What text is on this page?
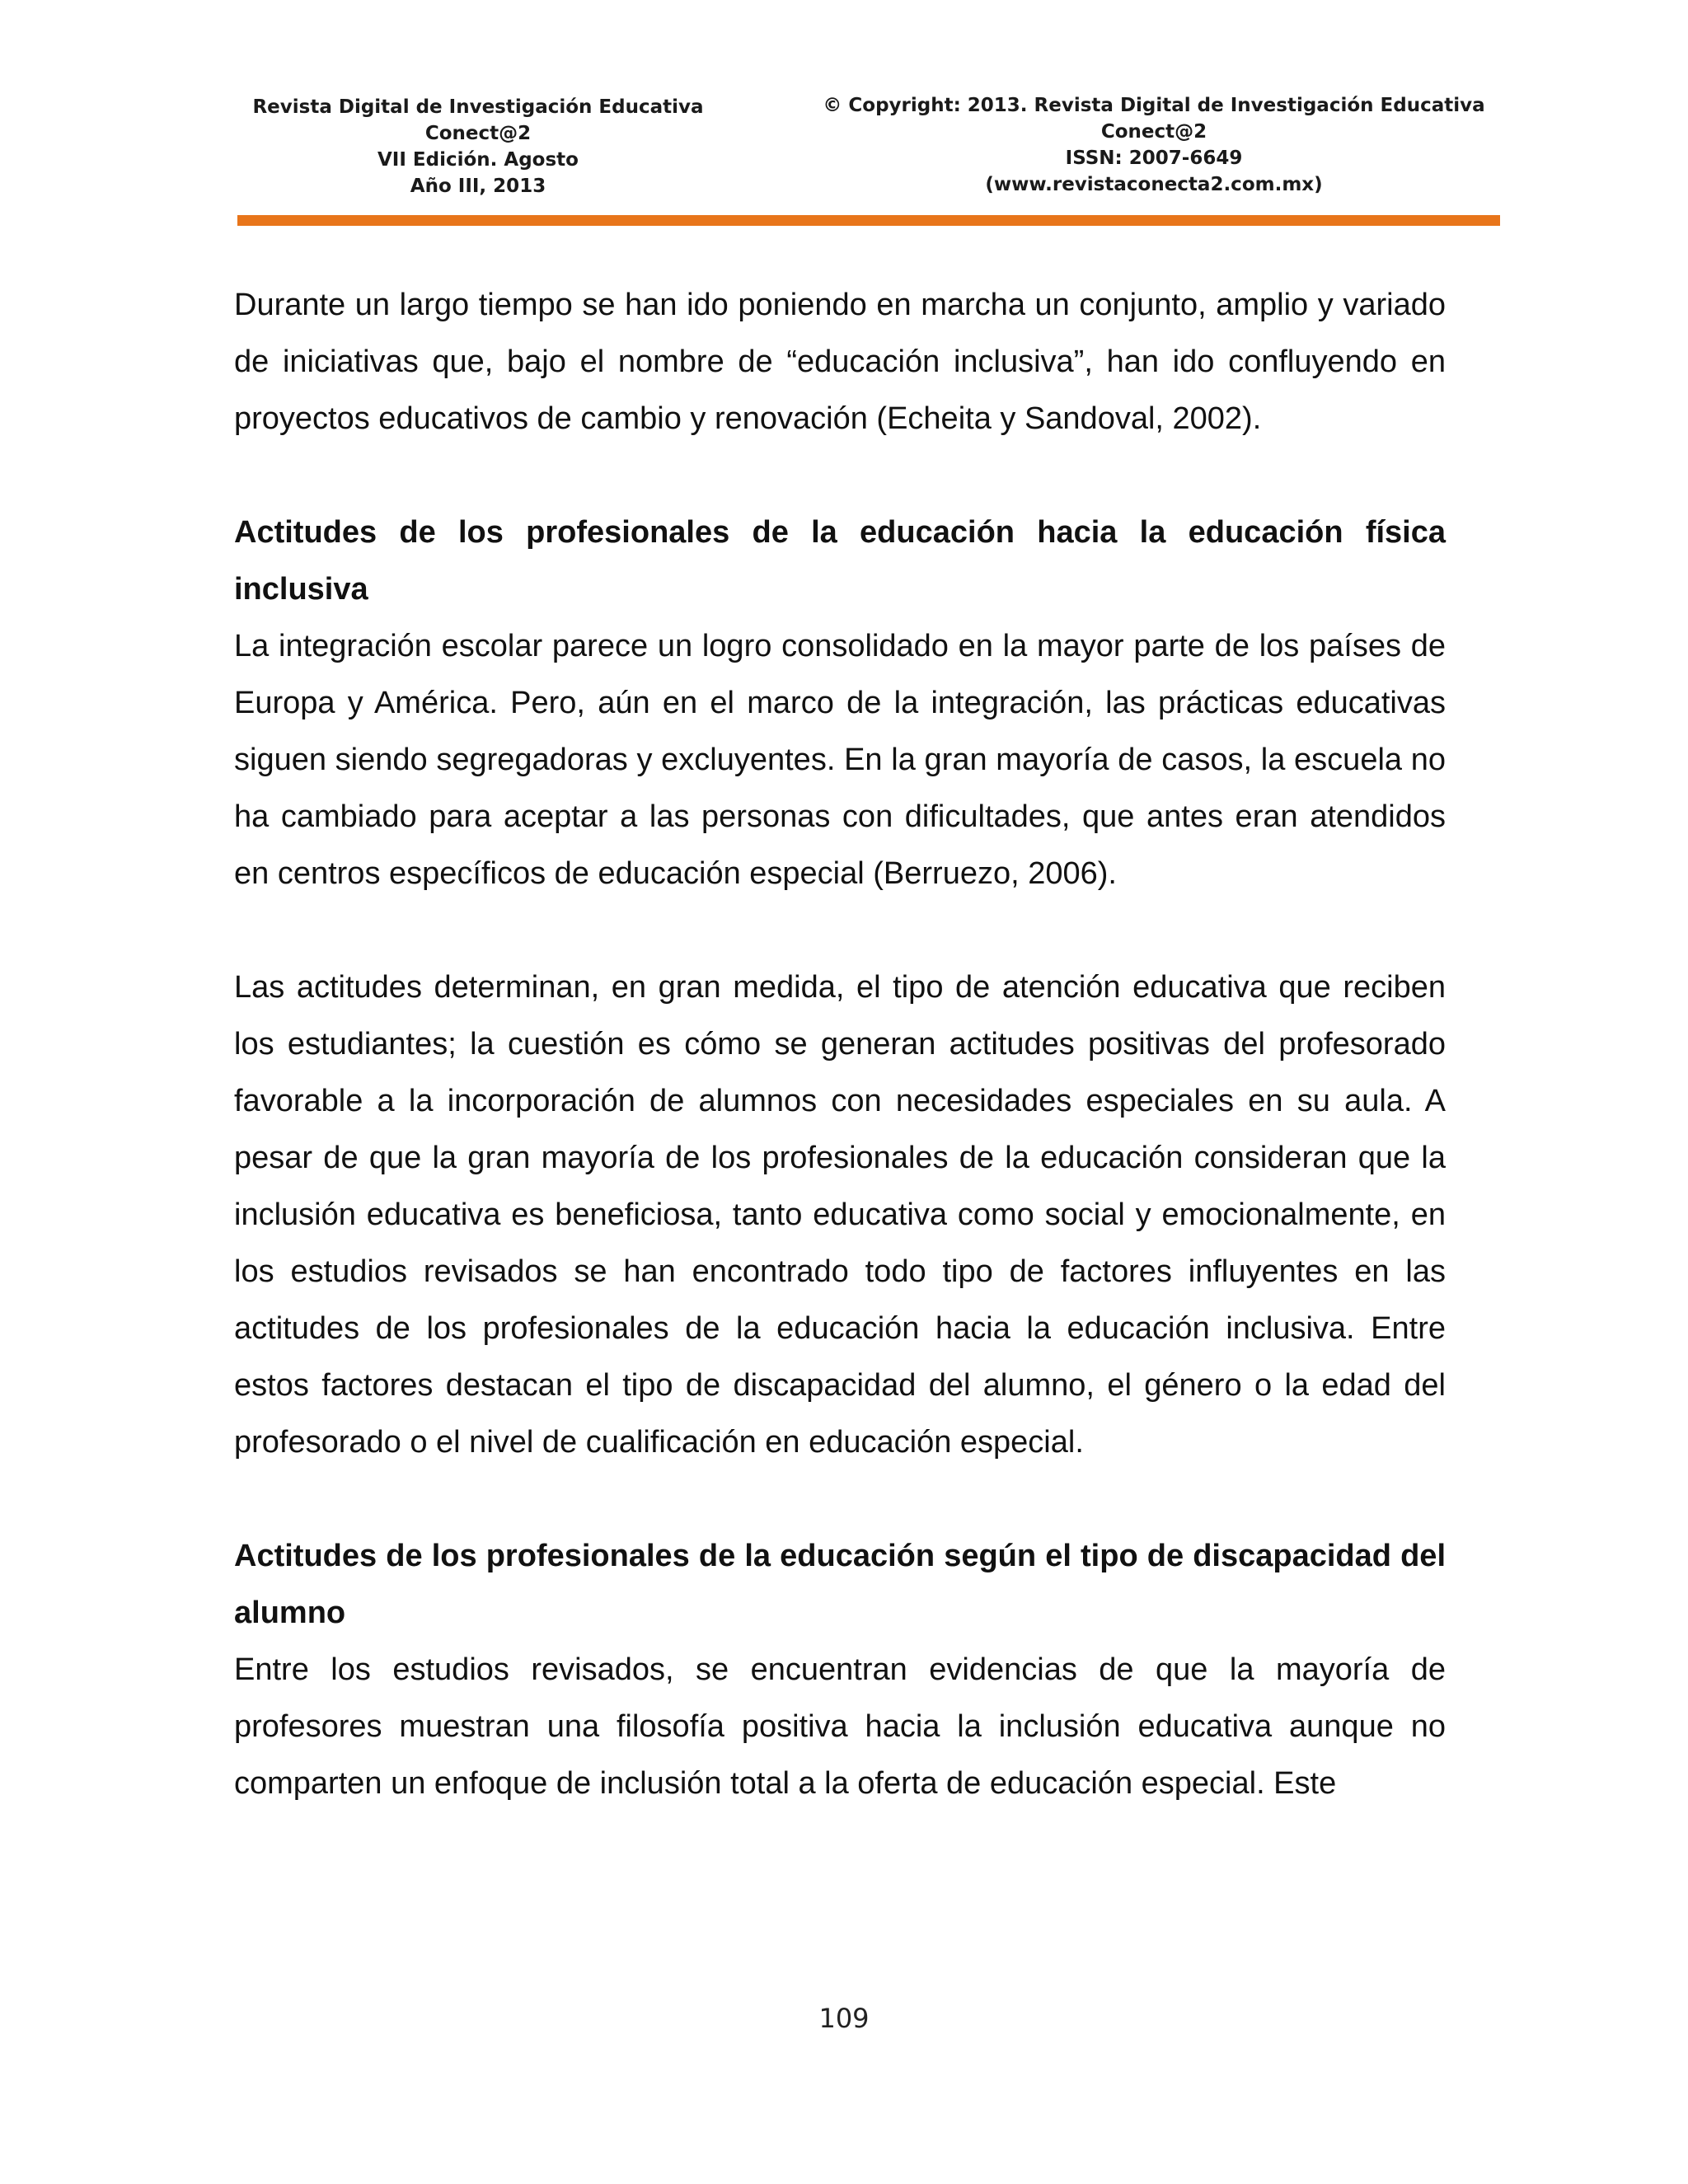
Revista Digital de Investigación Educativa
Conect@2
VII Edición. Agosto
Año III, 2013
© Copyright: 2013. Revista Digital de Investigación Educativa
Conect@2
ISSN: 2007-6649
(www.revistaconecta2.com.mx)

Durante un largo tiempo se han ido poniendo en marcha un conjunto, amplio y variado de iniciativas que, bajo el nombre de “educación inclusiva”, han ido confluyendo en proyectos educativos de cambio y renovación (Echeita y Sandoval, 2002).

Actitudes de los profesionales de la educación hacia la educación física inclusiva

La integración escolar parece un logro consolidado en la mayor parte de los países de Europa y América. Pero, aún en el marco de la integración, las prácticas educativas siguen siendo segregadoras y excluyentes. En la gran mayoría de casos, la escuela no ha cambiado para aceptar a las personas con dificultades, que antes eran atendidos en centros específicos de educación especial (Berruezo, 2006).

Las actitudes determinan, en gran medida, el tipo de atención educativa que reciben los estudiantes; la cuestión es cómo se generan actitudes positivas del profesorado favorable a la incorporación de alumnos con necesidades especiales en su aula. A pesar de que la gran mayoría de los profesionales de la educación consideran que la inclusión educativa es beneficiosa, tanto educativa como social y emocionalmente, en los estudios revisados se han encontrado todo tipo de factores influyentes en las actitudes de los profesionales de la educación hacia la educación inclusiva. Entre estos factores destacan el tipo de discapacidad del alumno, el género o la edad del profesorado o el nivel de cualificación en educación especial.

Actitudes de los profesionales de la educación según el tipo de discapacidad del alumno

Entre los estudios revisados, se encuentran evidencias de que la mayoría de profesores muestran una filosofía positiva hacia la inclusión educativa aunque no comparten un enfoque de inclusión total a la oferta de educación especial. Este

109
